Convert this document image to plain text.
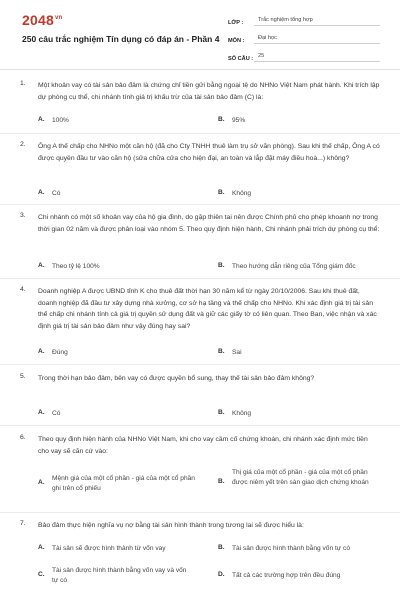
$2048^{vn}$
250 câu trắc nghiệm Tín dụng có đáp án - Phần 4
LỚP :	Trắc nghiệm tổng hợp
MÔN :	Đại học
SỐ CÂU : 25
1. Một khoản vay có tài sản bảo đảm là chứng chỉ tiền gửi bằng ngoại tệ do NHNo Việt Nam phát hành. Khi trích lập dự phòng cụ thể, chi nhánh tính giá trị khấu trừ của tài sản bảo đảm (C) là:
A. 100%	B. 95%
2. Ông A thế chấp cho NHNo một căn hộ (đã cho Cty TNHH thuê làm trụ sở văn phòng). Sau khi thế chấp, Ông A có được quyền đầu tư vào căn hộ (sửa chữa cửa cho hiện đại, an toàn và lắp đặt máy điều hoà...) không?
A. Có	B. Không
3. Chi nhánh có một số khoản vay của hộ gia đình, do gặp thiên tai nên được Chính phủ cho phép khoanh nợ trong thời gian 02 năm và được phân loại vào nhóm 5. Theo quy định hiện hành, Chi nhánh phải trích dự phòng cụ thể:
A. Theo tỷ lệ 100%	B. Theo hướng dẫn riêng của Tổng giám đốc
4. Doanh nghiệp A được UBND tỉnh K cho thuê đất thời hạn 30 năm kể từ ngày 20/10/2006. Sau khi thuê đất, doanh nghiệp đã đầu tư xây dựng nhà xưởng, cơ sở hạ tầng và thế chấp cho NHNo. Khi xác định giá trị tài sản thế chấp chi nhánh tính cả giá trị quyền sử dụng đất và giữ các giấy tờ có liên quan. Theo Ban, việc nhận và xác định giá trị tài sản bảo đảm như vậy đúng hay sai?
A. Đúng	B. Sai
5. Trong thời hạn bảo đảm, bên vay có được quyền bổ sung, thay thế tài sản bảo đảm không?
A. Có	B. Không
6. Theo quy định hiện hành của NHNo Việt Nam, khi cho vay cầm cố chứng khoán, chi nhánh xác định mức tiền cho vay sẽ căn cứ vào:
A.
Mệnh giá của một cổ phần - giá của một cổ phần ghi trên cổ phiếu
B.
Thị giá của một cổ phần - giá của một cổ phần được niêm yết trên sàn giao dịch chứng khoán
7. Bảo đảm thực hiện nghĩa vụ nợ bằng tài sản hình thành trong tương lai sẽ được hiểu là:
A. Tài sản sẽ được hình thành từ vốn vay	B. Tài sản được hình thành bằng vốn tự có
C.
Tài sản được hình thành bằng vốn vay và vốn tự có
D. Tất cả các trường hợp trên đều đúng
